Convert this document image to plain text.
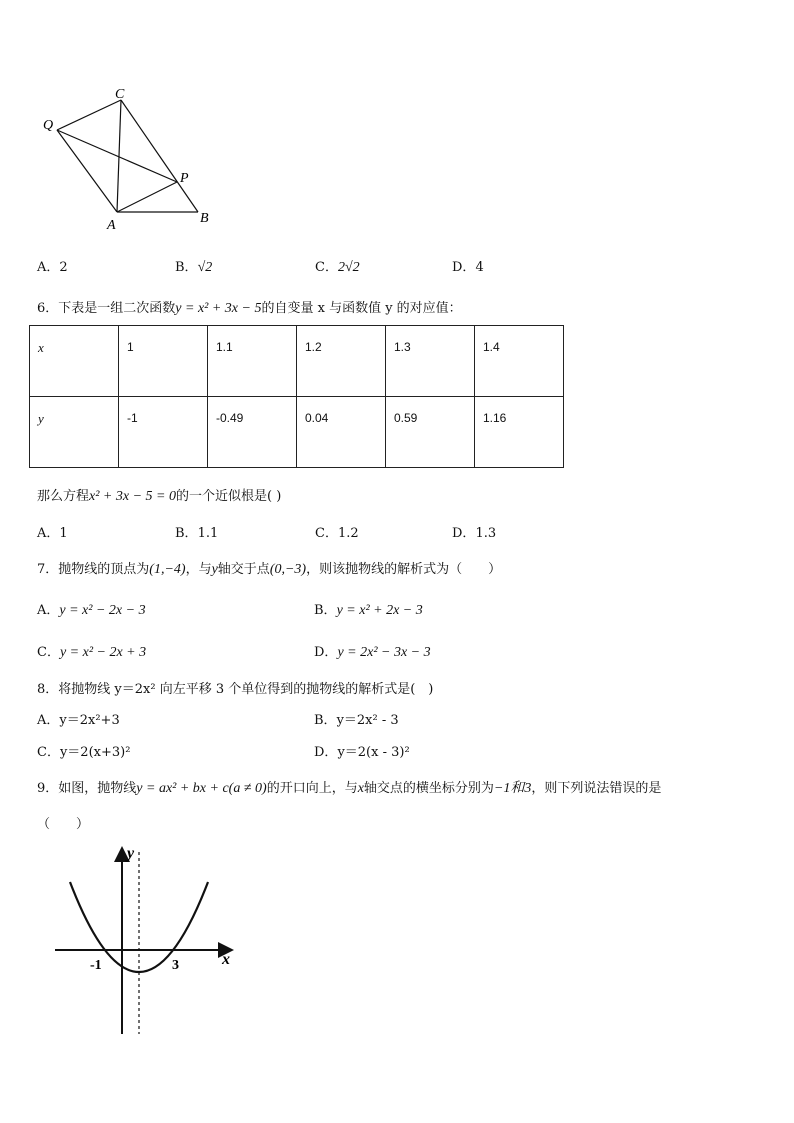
C
Q
P
A	B
A．2	B．√2	C．2√2	D．4
6．下表是一组二次函数y = x² + 3x − 5的自变量 x 与函数值 y 的对应值：
x	1	1.1	1.2	1.3	1.4
y	-1	-0.49	0.04	0.59	1.16
那么方程x² + 3x − 5 = 0的一个近似根是( )
A．1	B．1.1	C．1.2	D．1.3
7．抛物线的顶点为(1,−4)，与y轴交于点(0,−3)，则该抛物线的解析式为（　　）
A．y = x² − 2x − 3	B．y = x² + 2x − 3
C．y = x² − 2x + 3	D．y = 2x² − 3x − 3
8．将抛物线 y＝2x² 向左平移 3 个单位得到的抛物线的解析式是(　)
A．y＝2x²+3	B．y＝2x² - 3
C．y＝2(x+3)²	D．y＝2(x - 3)²
9．如图，抛物线y = ax² + bx + c(a ≠ 0)的开口向上，与x轴交点的横坐标分别为−1和3，则下列说法错误的是
（　　）
x
y
-1	3
